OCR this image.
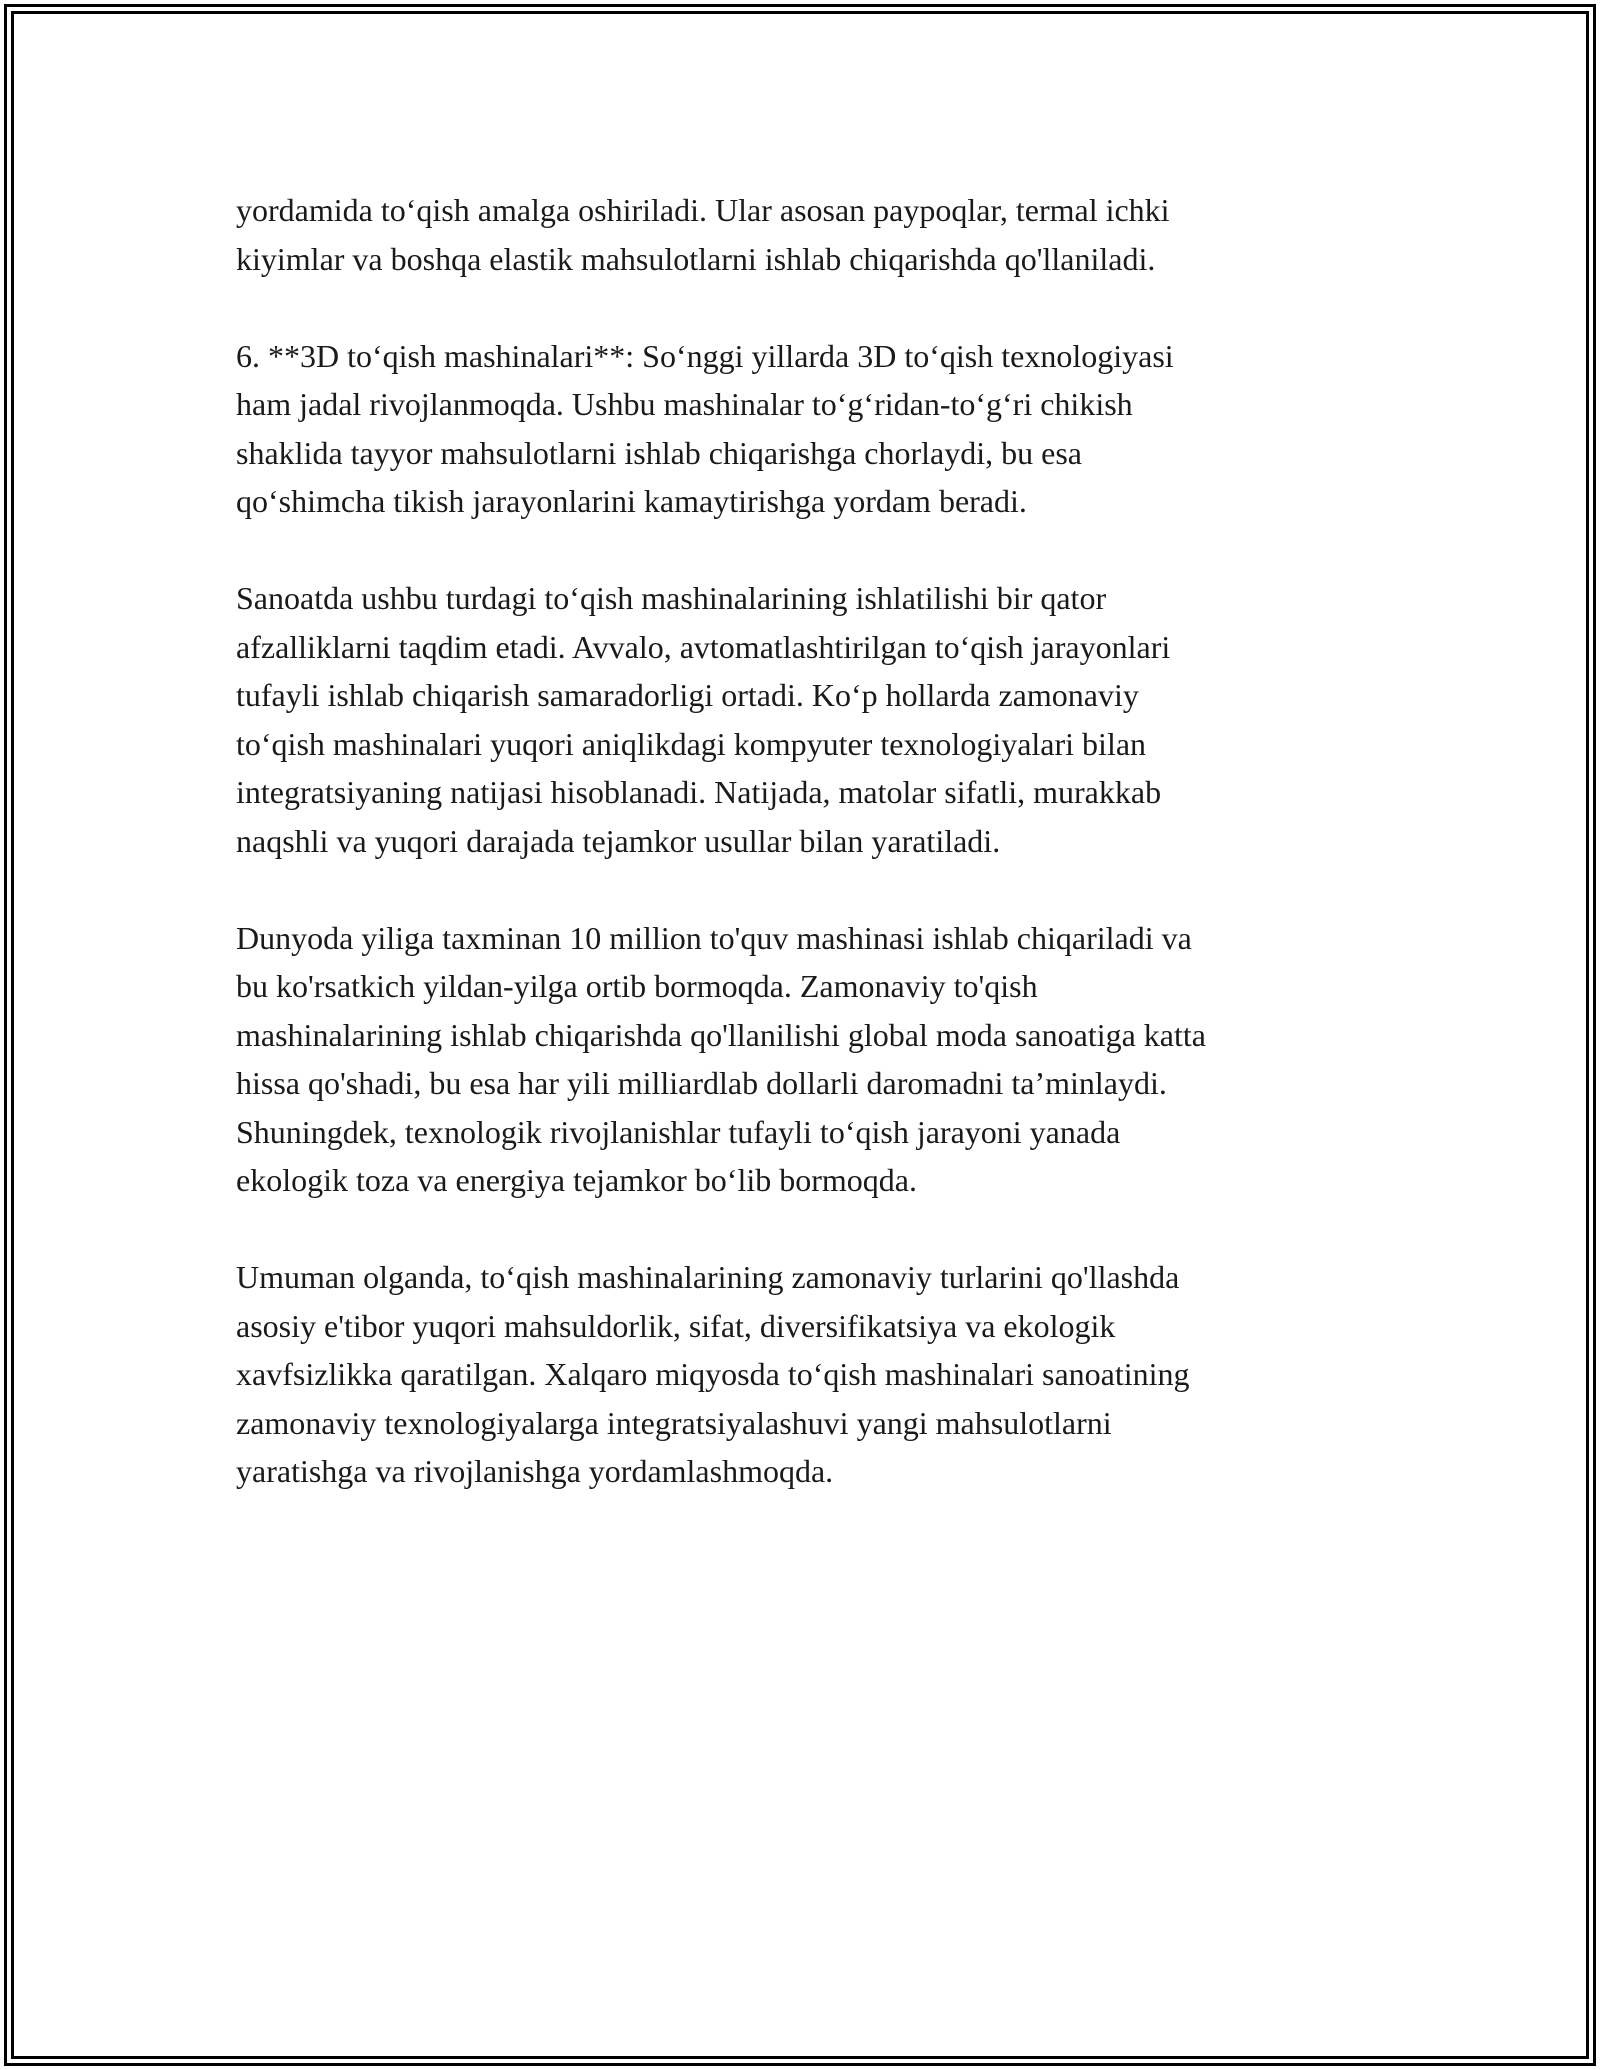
yordamida to‘qish amalga oshiriladi. Ular asosan paypoqlar, termal ichki
kiyimlar va boshqa elastik mahsulotlarni ishlab chiqarishda qo'llaniladi.

6. **3D to‘qish mashinalari**: So‘nggi yillarda 3D to‘qish texnologiyasi
ham jadal rivojlanmoqda. Ushbu mashinalar to‘g‘ridan-to‘g‘ri chikish
shaklida tayyor mahsulotlarni ishlab chiqarishga chorlaydi, bu esa
qo‘shimcha tikish jarayonlarini kamaytirishga yordam beradi.

Sanoatda ushbu turdagi to‘qish mashinalarining ishlatilishi bir qator
afzalliklarni taqdim etadi. Avvalo, avtomatlashtirilgan to‘qish jarayonlari
tufayli ishlab chiqarish samaradorligi ortadi. Ko‘p hollarda zamonaviy
to‘qish mashinalari yuqori aniqlikdagi kompyuter texnologiyalari bilan
integratsiyaning natijasi hisoblanadi. Natijada, matolar sifatli, murakkab
naqshli va yuqori darajada tejamkor usullar bilan yaratiladi.

Dunyoda yiliga taxminan 10 million to'quv mashinasi ishlab chiqariladi va
bu ko'rsatkich yildan-yilga ortib bormoqda. Zamonaviy to'qish
mashinalarining ishlab chiqarishda qo'llanilishi global moda sanoatiga katta
hissa qo'shadi, bu esa har yili milliardlab dollarli daromadni ta’minlaydi.
Shuningdek, texnologik rivojlanishlar tufayli to‘qish jarayoni yanada
ekologik toza va energiya tejamkor bo‘lib bormoqda.

Umuman olganda, to‘qish mashinalarining zamonaviy turlarini qo'llashda
asosiy e'tibor yuqori mahsuldorlik, sifat, diversifikatsiya va ekologik
xavfsizlikka qaratilgan. Xalqaro miqyosda to‘qish mashinalari sanoatining
zamonaviy texnologiyalarga integratsiyalashuvi yangi mahsulotlarni
yaratishga va rivojlanishga yordamlashmoqda.
